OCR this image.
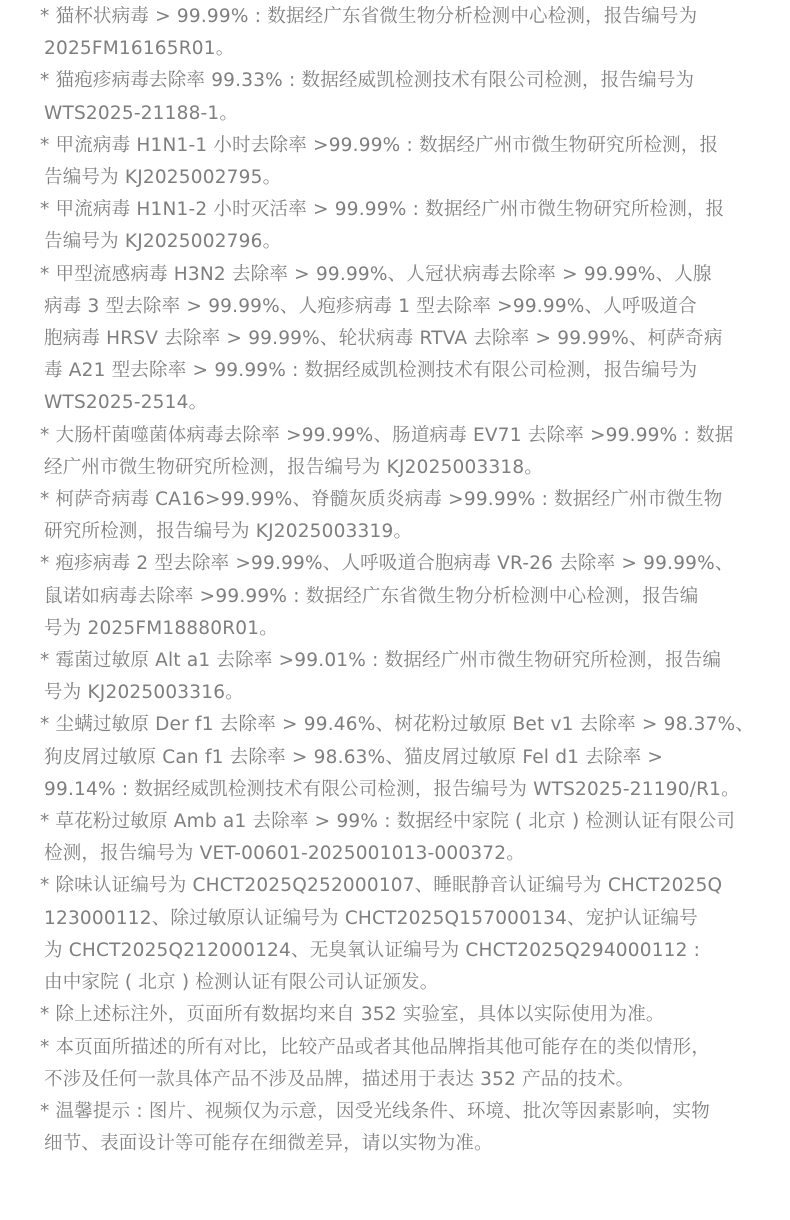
* 猫杯状病毒 > 99.99% : 数据经广东省微生物分析检测中心检测，报告编号为
2025FM16165R01。
* 猫疱疹病毒去除率 99.33% : 数据经威凯检测技术有限公司检测，报告编号为
WTS2025-21188-1。
* 甲流病毒 H1N1-1 小时去除率 >99.99% : 数据经广州市微生物研究所检测，报
告编号为 KJ2025002795。
* 甲流病毒 H1N1-2 小时灭活率 > 99.99% : 数据经广州市微生物研究所检测，报
告编号为 KJ2025002796。
* 甲型流感病毒 H3N2 去除率 > 99.99%、人冠状病毒去除率 > 99.99%、人腺
病毒 3 型去除率 > 99.99%、人疱疹病毒 1 型去除率 >99.99%、人呼吸道合
胞病毒 HRSV 去除率 > 99.99%、轮状病毒 RTVA 去除率 > 99.99%、柯萨奇病
毒 A21 型去除率 > 99.99% : 数据经威凯检测技术有限公司检测，报告编号为
WTS2025-2514。
* 大肠杆菌噬菌体病毒去除率 >99.99%、肠道病毒 EV71 去除率 >99.99% : 数据
经广州市微生物研究所检测，报告编号为 KJ2025003318。
* 柯萨奇病毒 CA16>99.99%、脊髓灰质炎病毒 >99.99% : 数据经广州市微生物
研究所检测，报告编号为 KJ2025003319。
* 疱疹病毒 2 型去除率 >99.99%、人呼吸道合胞病毒 VR-26 去除率 > 99.99%、
鼠诺如病毒去除率 >99.99% : 数据经广东省微生物分析检测中心检测，报告编
号为 2025FM18880R01。
* 霉菌过敏原 Alt a1 去除率 >99.01% : 数据经广州市微生物研究所检测，报告编
号为 KJ2025003316。
* 尘螨过敏原 Der f1 去除率 > 99.46%、树花粉过敏原 Bet v1 去除率 > 98.37%、
狗皮屑过敏原 Can f1 去除率 > 98.63%、猫皮屑过敏原 Fel d1 去除率 >
99.14% : 数据经威凯检测技术有限公司检测，报告编号为 WTS2025-21190/R1。
* 草花粉过敏原 Amb a1 去除率 > 99% : 数据经中家院 ( 北京 ) 检测认证有限公司
检测，报告编号为 VET-00601-2025001013-000372。
* 除味认证编号为 CHCT2025Q252000107、睡眠静音认证编号为 CHCT2025Q
123000112、除过敏原认证编号为 CHCT2025Q157000134、宠护认证编号
为 CHCT2025Q212000124、无臭氧认证编号为 CHCT2025Q294000112 :
由中家院 ( 北京 ) 检测认证有限公司认证颁发。
* 除上述标注外，页面所有数据均来自 352 实验室，具体以实际使用为准。
* 本页面所描述的所有对比，比较产品或者其他品牌指其他可能存在的类似情形，
不涉及任何一款具体产品不涉及品牌，描述用于表达 352 产品的技术。
* 温馨提示 : 图片、视频仅为示意，因受光线条件、环境、批次等因素影响，实物
细节、表面设计等可能存在细微差异，请以实物为准。
